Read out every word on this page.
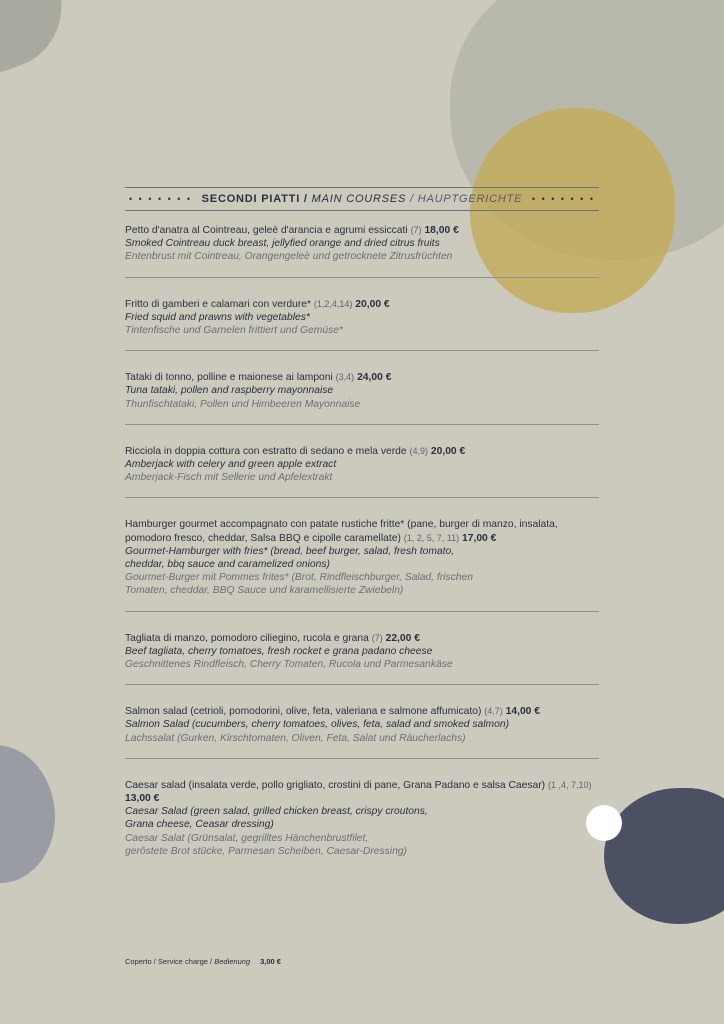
• • • • • • • SECONDI PIATTI / MAIN COURSES / HAUPTGERICHTE	• • • • • • •
Petto d'anatra al Cointreau, geleè d'arancia e agrumi essiccati (7) 18,00 €
Smoked Cointreau duck breast, jellyfied orange and dried citrus fruits
Entenbrust mit Cointreau, Orangengeleè und getrocknete Zitrusfrüchten
Fritto di gamberi e calamari con verdure* (1,2,4,14) 20,00 €
Fried squid and prawns with vegetables*
Tintenfische und Garnelen frittiert und Gemüse*
Tataki di tonno, polline e maionese ai lamponi (3,4) 24,00 €
Tuna tataki, pollen and raspberry mayonnaise
Thunfischtataki, Pollen und Himbeeren Mayonnaise
Ricciola in doppia cottura con estratto di sedano e mela verde (4,9) 20,00 €
Amberjack with celery and green apple extract
Amberjack-Fisch mit Sellerie und Apfelextrakt
Hamburger gourmet accompagnato con patate rustiche fritte* (pane, burger di manzo, insalata, pomodoro fresco, cheddar, Salsa BBQ e cipolle caramellate) (1, 2, 5, 7, 11) 17,00 €
Gourmet-Hamburger with fries* (bread, beef burger, salad, fresh tomato,
cheddar, bbq sauce and caramelized onions)
Gourmet-Burger mit Pommes frites* (Brot, Rindfleischburger, Salad, frischen
Tomaten, cheddar, BBQ Sauce und karamellisierte Zwiebeln)
Tagliata di manzo, pomodoro ciliegino, rucola e grana (7) 22,00 €
Beef tagliata, cherry tomatoes, fresh rocket e grana padano cheese
Geschnittenes Rindfleisch, Cherry Tomaten, Rucola und Parmesankäse
Salmon salad (cetrioli, pomodorini, olive, feta, valeriana e salmone affumicato) (4,7) 14,00 €
Salmon Salad (cucumbers, cherry tomatoes, olives, feta, salad and smoked salmon)
Lachssalat (Gurken, Kirschtomaten, Oliven, Feta, Salat und Räucherlachs)
Caesar salad (insalata verde, pollo grigliato, crostini di pane, Grana Padano e salsa Caesar) (1 ,4, 7,10) 13,00 €
Caesar Salad (green salad, grilled chicken breast, crispy croutons,
Grana cheese, Ceasar dressing)
Caesar Salat (Grünsalat, gegrilltes Hänchenbrustfilet,
gerôstete Brot stücke, Parmesan Scheiben, Caesar-Dressing)
Coperto / Service charge / Bedienung 3,00 €
